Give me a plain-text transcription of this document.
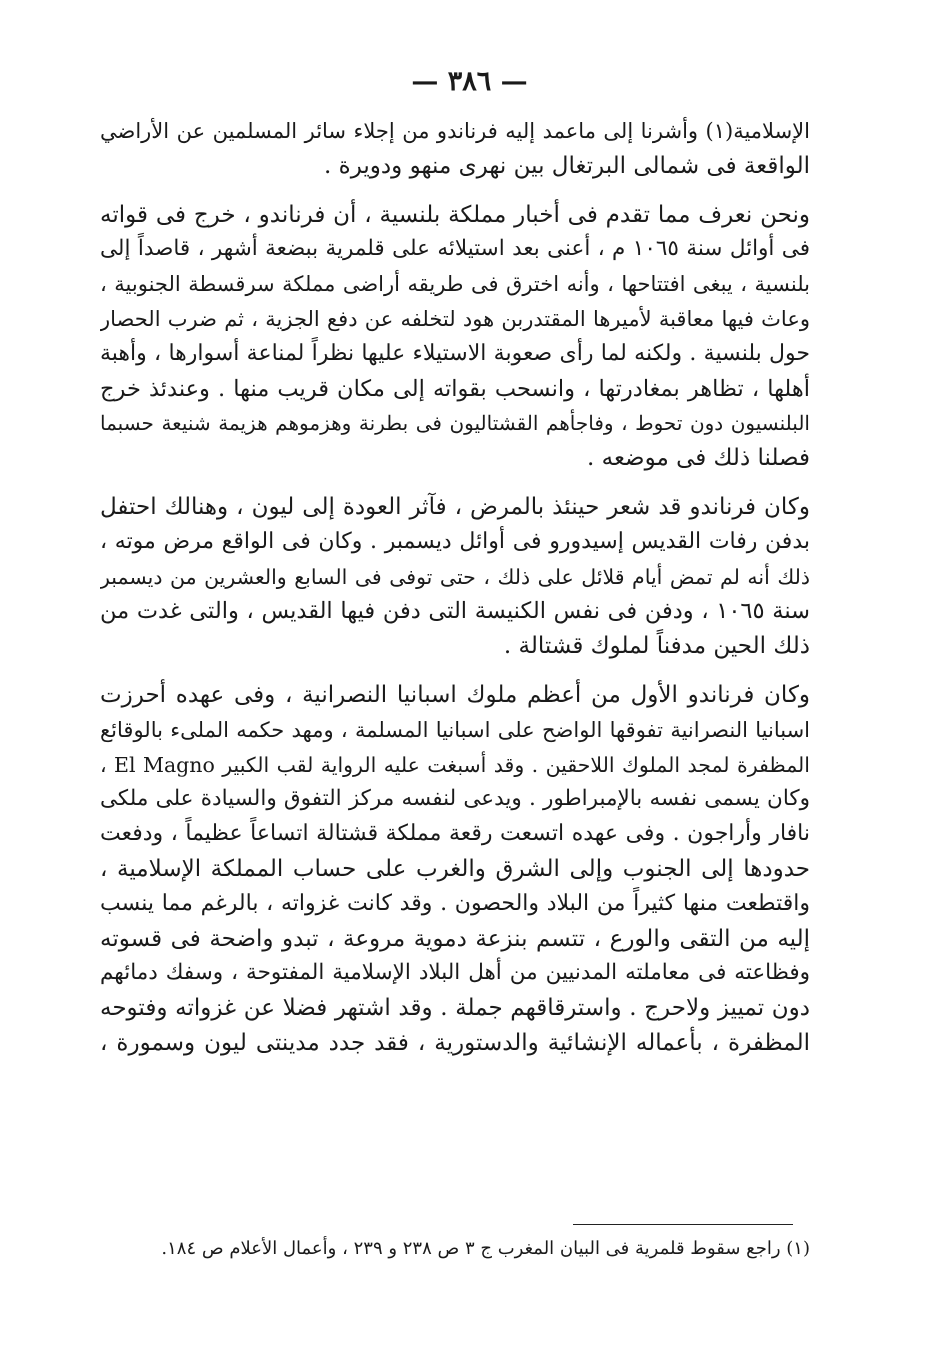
— ٣٨٦ —
الإسلامية(١) وأشرنا إلى ماعمد إليه فرناندو من إجلاء سائر المسلمين عن الأراضي
الواقعة فى شمالى البرتغال بين نهرى منهو ودويرة .
ونحن نعرف مما تقدم فى أخبار مملكة بلنسية ، أن فرناندو ، خرج فى قواته
فى أوائل سنة ١٠٦٥ م ، أعنى بعد استيلائه على قلمرية ببضعة أشهر ، قاصداً إلى
بلنسية ، يبغى افتتاحها ، وأنه اخترق فى طريقه أراضى مملكة سرقسطة الجنوبية ،
وعاث فيها معاقبة لأميرها المقتدربن هود لتخلفه عن دفع الجزية ، ثم ضرب الحصار
حول بلنسية . ولكنه لما رأى صعوبة الاستيلاء عليها نظراً لمناعة أسوارها ، وأهبة
أهلها ، تظاهر بمغادرتها ، وانسحب بقواته إلى مكان قريب منها . وعندئذ خرج
البلنسيون دون تحوط ، وفاجأهم القشتاليون فى بطرنة وهزموهم هزيمة شنيعة حسبما
فصلنا ذلك فى موضعه .
وكان فرناندو قد شعر حينئذ بالمرض ، فآثر العودة إلى ليون ، وهنالك احتفل
بدفن رفات القديس إسيدورو فى أوائل ديسمبر . وكان فى الواقع مرض موته ،
ذلك أنه لم تمض أيام قلائل على ذلك ، حتى توفى فى السابع والعشرين من ديسمبر
سنة ١٠٦٥ ، ودفن فى نفس الكنيسة التى دفن فيها القديس ، والتى غدت من
ذلك الحين مدفناً لملوك قشتالة .
وكان فرناندو الأول من أعظم ملوك اسبانيا النصرانية ، وفى عهده أحرزت
اسبانيا النصرانية تفوقها الواضح على اسبانيا المسلمة ، ومهد حكمه الملىء بالوقائع
المظفرة لمجد الملوك اللاحقين . وقد أسبغت عليه الرواية لقب الكبير El Magno ،
وكان يسمى نفسه بالإمبراطور . ويدعى لنفسه مركز التفوق والسيادة على ملكى
نافار وأراجون . وفى عهده اتسعت رقعة مملكة قشتالة اتساعاً عظيماً ، ودفعت
حدودها إلى الجنوب وإلى الشرق والغرب على حساب المملكة الإسلامية ،
واقتطعت منها كثيراً من البلاد والحصون . وقد كانت غزواته ، بالرغم مما ينسب
إليه من التقى والورع ، تتسم بنزعة دموية مروعة ، تبدو واضحة فى قسوته
وفظاعته فى معاملته المدنيين من أهل البلاد الإسلامية المفتوحة ، وسفك دمائهم
دون تمييز ولاحرج . واسترقاقهم جملة . وقد اشتهر فضلا عن غزواته وفتوحه
المظفرة ، بأعماله الإنشائية والدستورية ، فقد جدد مدينتى ليون وسمورة ،
(١) راجع سقوط قلمرية فى البيان المغرب ج ٣ ص ٢٣٨ و ٢٣٩ ، وأعمال الأعلام ص ١٨٤.
